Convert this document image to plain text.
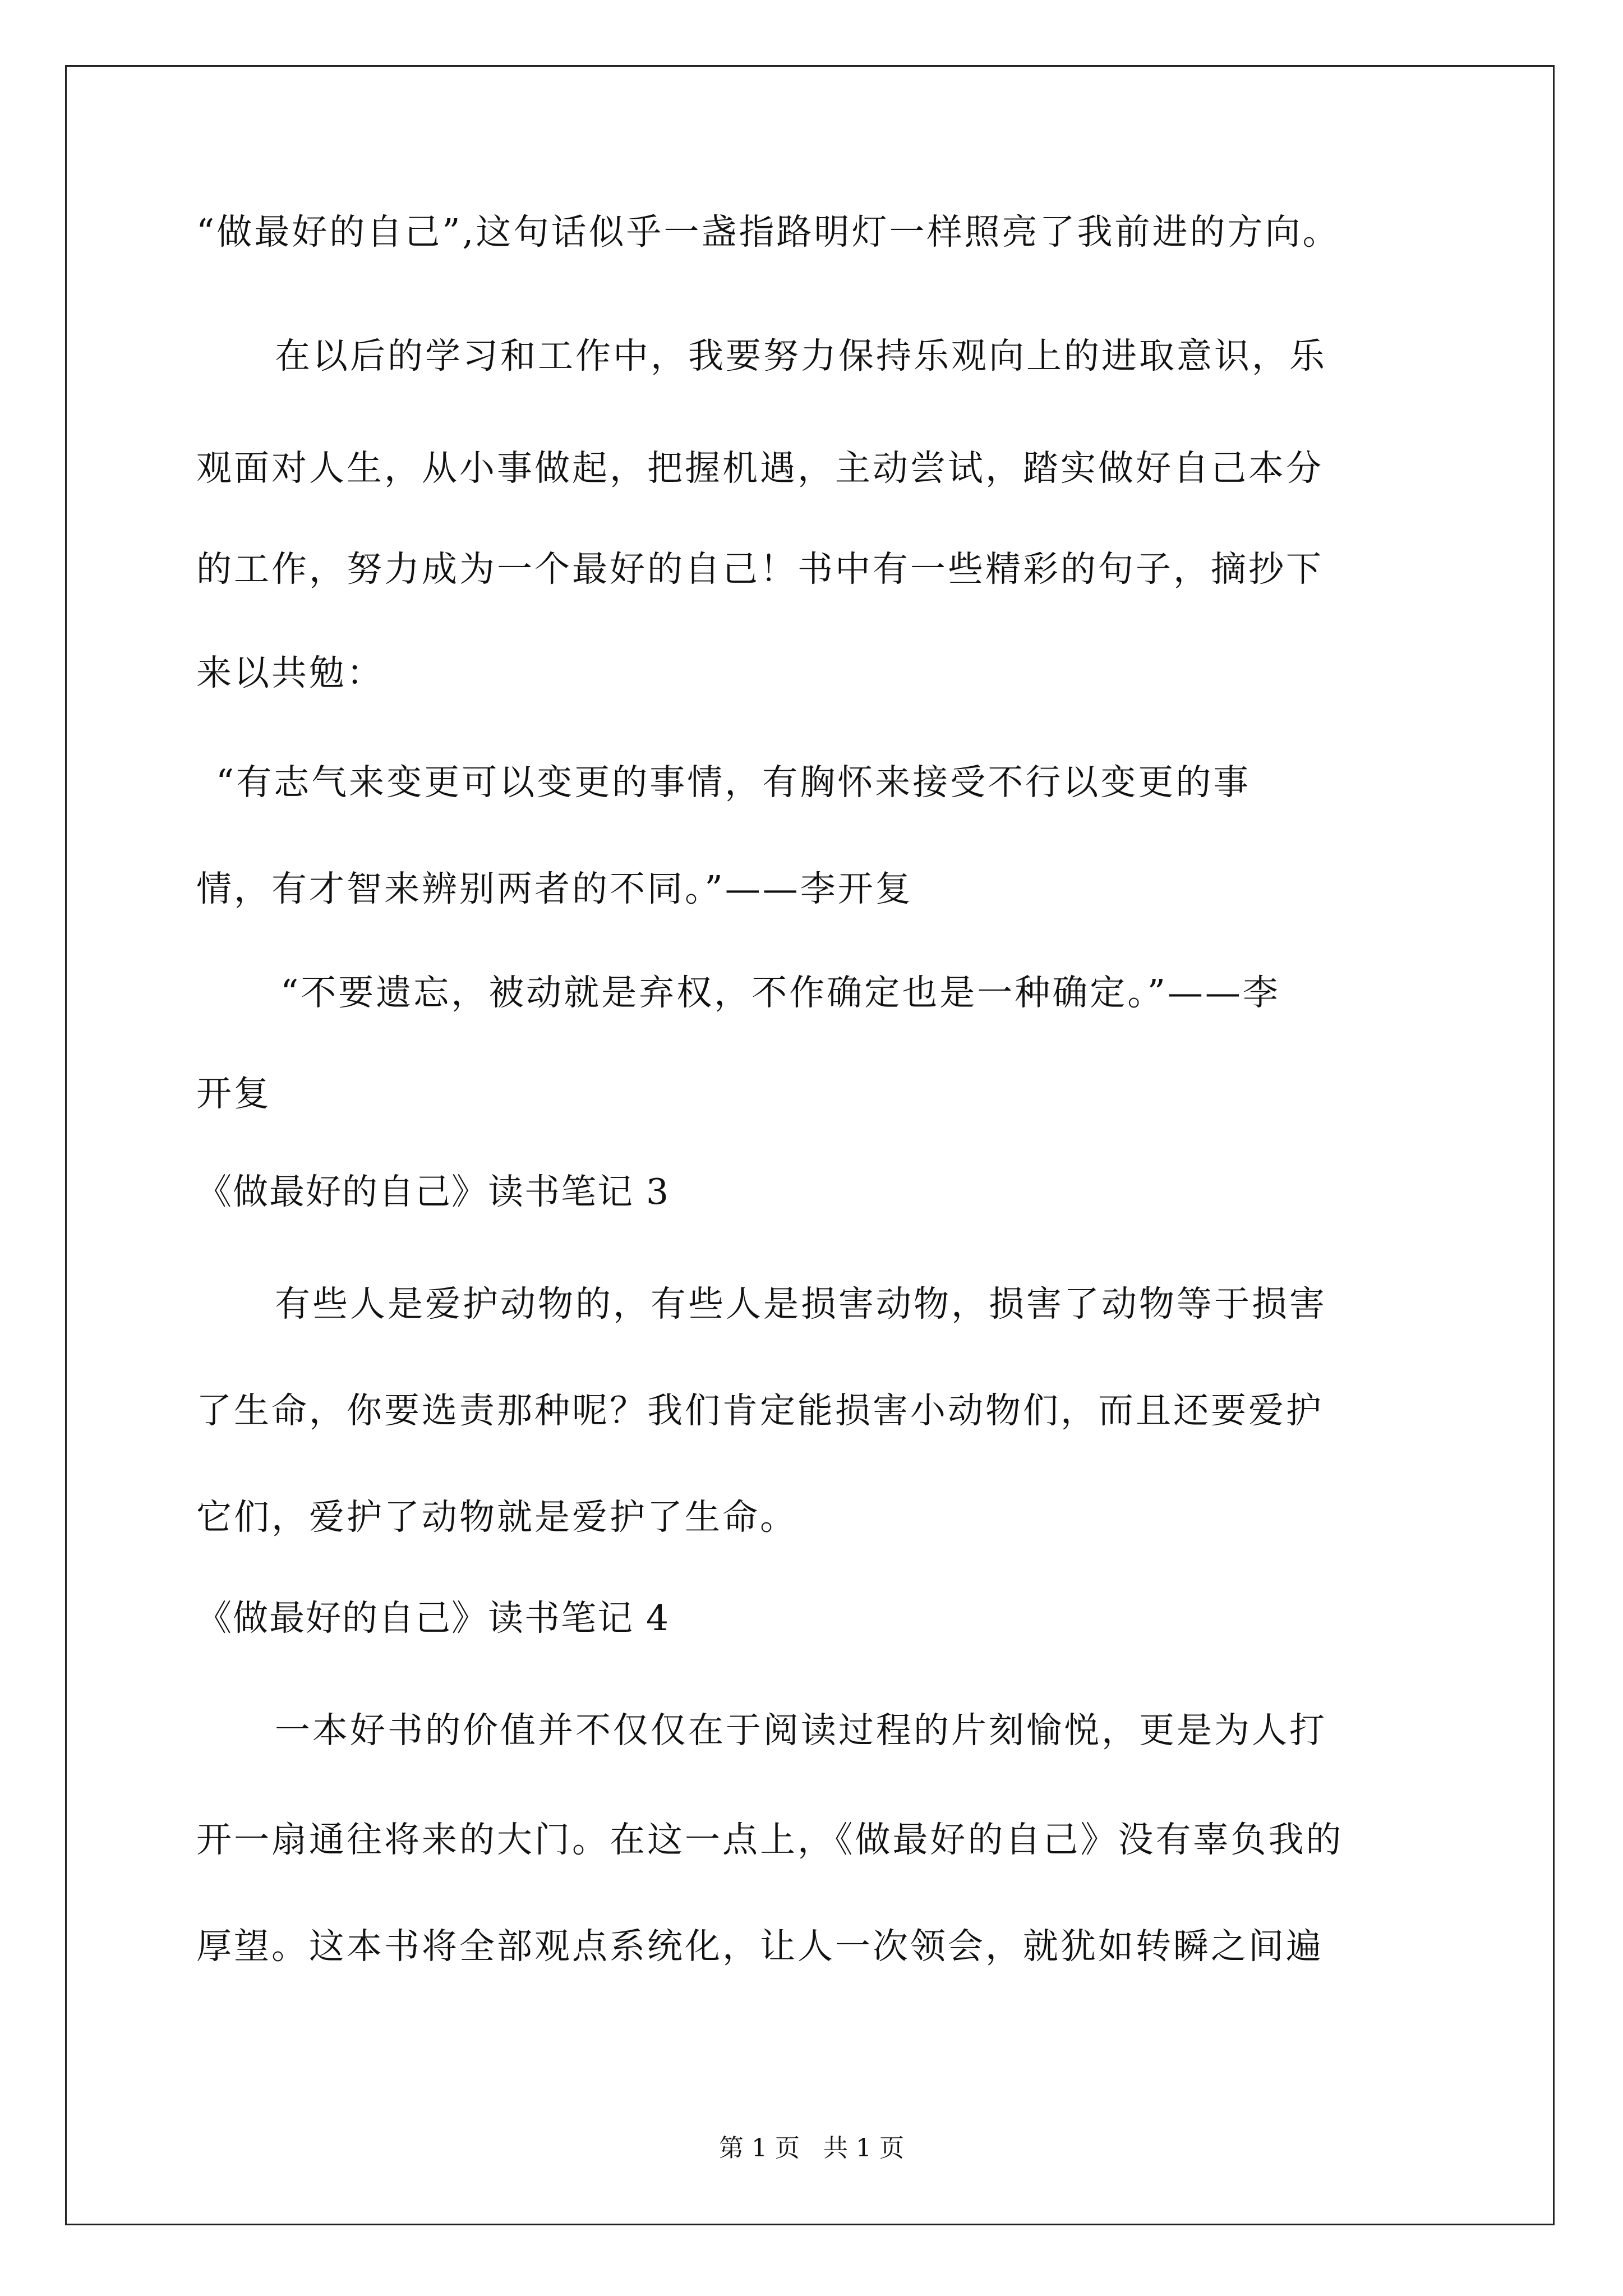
“做最好的自己”,这句话似乎一盏指路明灯一样照亮了我前进的方向。
在以后的学习和工作中，我要努力保持乐观向上的进取意识，乐
观面对人生，从小事做起，把握机遇，主动尝试，踏实做好自己本分
的工作，努力成为一个最好的自己！书中有一些精彩的句子，摘抄下
来以共勉：
“有志气来变更可以变更的事情，有胸怀来接受不行以变更的事
情，有才智来辨别两者的不同。”——李开复
“不要遗忘，被动就是弃权，不作确定也是一种确定。”——李
开复
《做最好的自己》读书笔记 3
有些人是爱护动物的，有些人是损害动物，损害了动物等于损害
了生命，你要选责那种呢？我们肯定能损害小动物们，而且还要爱护
它们，爱护了动物就是爱护了生命。
《做最好的自己》读书笔记 4
一本好书的价值并不仅仅在于阅读过程的片刻愉悦，更是为人打
开一扇通往将来的大门。在这一点上，《做最好的自己》没有辜负我的
厚望。这本书将全部观点系统化，让人一次领会，就犹如转瞬之间遍
第 1 页   共 1 页
